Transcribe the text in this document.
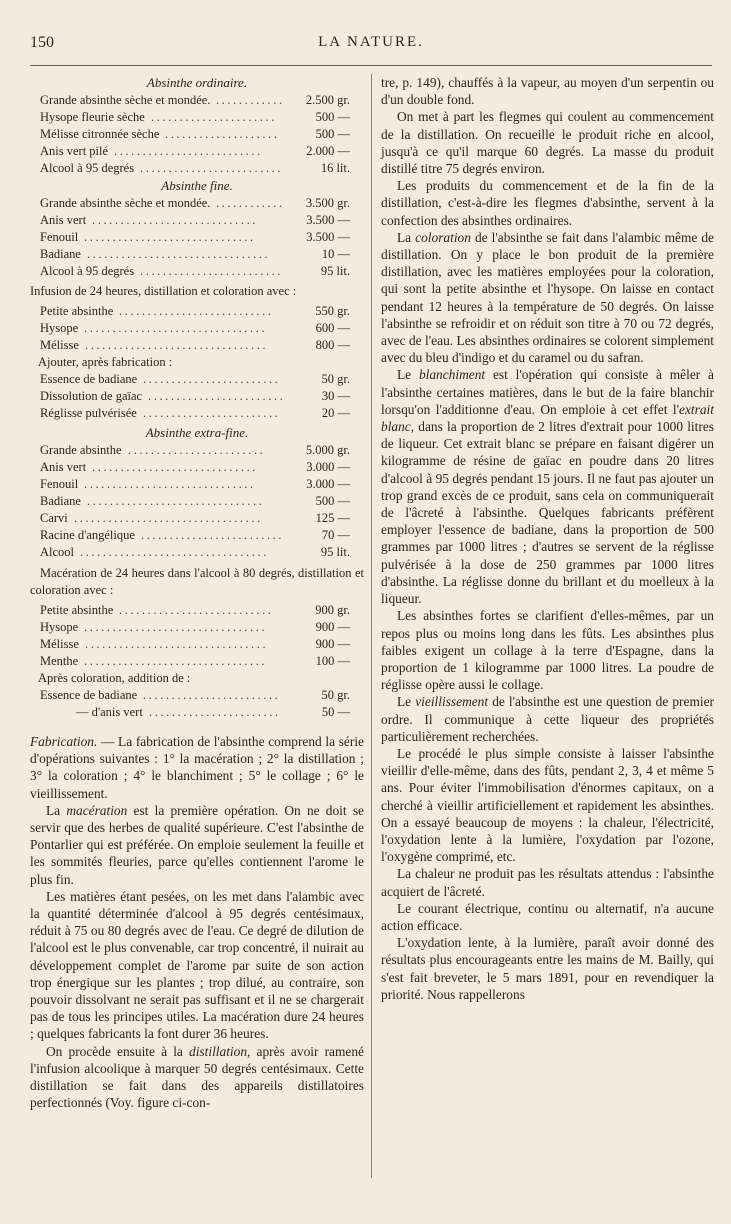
150	LA NATURE.
Absinthe ordinaire.
Grande absinthe sèche et mondée.	2.500 gr.
............
Hysope fleurie sèche	500 —
......................
Mélisse citronnée sèche	500 —
....................
Anis vert pilé	2.000 —
..........................
Alcool à 95 degrés	16 lit.
.........................
Absinthe fine.
Grande absinthe sèche et mondée.	3.500 gr.
............
Anis vert	3.500 —
.............................
Fenouil	3.500 —
..............................
Badiane	10 —
................................
Alcool à 95 degrés	95 lit.
.........................
Infusion de 24 heures, distillation et coloration avec :
Petite absinthe	550 gr.
...........................
Hysope	600 —
................................
Mélisse	800 —
................................
Ajouter, après fabrication :
Essence de badiane	50 gr.
........................
Dissolution de gaïac	30 —
........................
Réglisse pulvérisée	20 —
........................
Absinthe extra-fine.
Grande absinthe	5.000 gr.
........................
Anis vert	3.000 —
.............................
Fenouil	3.000 —
..............................
Badiane	500 —
...............................
Carvi	125 —
.................................
Racine d'angélique	70 —
.........................
Alcool	95 lit.
.................................
Macération de 24 heures dans l'alcool à 80 degrés, distillation et coloration avec :
Petite absinthe	900 gr.
...........................
Hysope	900 —
................................
Mélisse	900 —
................................
Menthe	100 —
................................
Après coloration, addition de :
Essence de badiane	50 gr.
........................
— d'anis vert	50 —
.......................

Fabrication. — La fabrication de l'absinthe comprend la série d'opérations suivantes : 1° la macération ; 2° la distillation ; 3° la coloration ; 4° le blanchiment ; 5° le collage ; 6° le vieillissement.

La macération est la première opération. On ne doit se servir que des herbes de qualité supérieure. C'est l'absinthe de Pontarlier qui est préférée. On emploie seulement la feuille et les sommités fleuries, parce qu'elles contiennent l'arome le plus fin.

Les matières étant pesées, on les met dans l'alambic avec la quantité déterminée d'alcool à 95 degrés centésimaux, réduit à 75 ou 80 degrés avec de l'eau. Ce degré de dilution de l'alcool est le plus convenable, car trop concentré, il nuirait au développement complet de l'arome par suite de son action trop énergique sur les plantes ; trop dilué, au contraire, son pouvoir dissolvant ne serait pas suffisant et il ne se chargerait pas de tous les principes utiles. La macération dure 24 heures ; quelques fabricants la font durer 36 heures.

On procède ensuite à la distillation, après avoir ramené l'infusion alcoolique à marquer 50 degrés centésimaux. Cette distillation se fait dans des appareils distillatoires perfectionnés (Voy. figure ci-con-

tre, p. 149), chauffés à la vapeur, au moyen d'un serpentin ou d'un double fond.

On met à part les flegmes qui coulent au commencement de la distillation. On recueille le produit riche en alcool, jusqu'à ce qu'il marque 60 degrés. La masse du produit distillé titre 75 degrés environ.

Les produits du commencement et de la fin de la distillation, c'est-à-dire les flegmes d'absinthe, servent à la confection des absinthes ordinaires.

La coloration de l'absinthe se fait dans l'alambic même de distillation. On y place le bon produit de la première distillation, avec les matières employées pour la coloration, qui sont la petite absinthe et l'hysope. On laisse en contact pendant 12 heures à la température de 50 degrés. On laisse l'absinthe se refroidir et on réduit son titre à 70 ou 72 degrés, avec de l'eau. Les absinthes ordinaires se colorent simplement avec du bleu d'indigo et du caramel ou du safran.

Le blanchiment est l'opération qui consiste à mêler à l'absinthe certaines matières, dans le but de la faire blanchir lorsqu'on l'additionne d'eau. On emploie à cet effet l'extrait blanc, dans la proportion de 2 litres d'extrait pour 1000 litres de liqueur. Cet extrait blanc se prépare en faisant digérer un kilogramme de résine de gaïac en poudre dans 20 litres d'alcool à 95 degrés pendant 15 jours. Il ne faut pas ajouter un trop grand excès de ce produit, sans cela on communiquerait de l'âcreté à l'absinthe. Quelques fabricants préfèrent employer l'essence de badiane, dans la proportion de 500 grammes par 1000 litres ; d'autres se servent de la réglisse pulvérisée à la dose de 250 grammes par 1000 litres d'absinthe. La réglisse donne du brillant et du moelleux à la liqueur.

Les absinthes fortes se clarifient d'elles-mêmes, par un repos plus ou moins long dans les fûts. Les absinthes plus faibles exigent un collage à la terre d'Espagne, dans la proportion de 1 kilogramme par 1000 litres. La poudre de réglisse opère aussi le collage.

Le vieillissement de l'absinthe est une question de premier ordre. Il communique à cette liqueur des propriétés particulièrement recherchées.

Le procédé le plus simple consiste à laisser l'absinthe vieillir d'elle-même, dans des fûts, pendant 2, 3, 4 et même 5 ans. Pour éviter l'immobilisation d'énormes capitaux, on a cherché à vieillir artificiellement et rapidement les absinthes. On a essayé beaucoup de moyens : la chaleur, l'électricité, l'oxydation lente à la lumière, l'oxydation par l'ozone, l'oxygène comprimé, etc.

La chaleur ne produit pas les résultats attendus : l'absinthe acquiert de l'âcreté.

Le courant électrique, continu ou alternatif, n'a aucune action efficace.

L'oxydation lente, à la lumière, paraît avoir donné des résultats plus encourageants entre les mains de M. Bailly, qui s'est fait breveter, le 5 mars 1891, pour en revendiquer la priorité. Nous rappellerons
